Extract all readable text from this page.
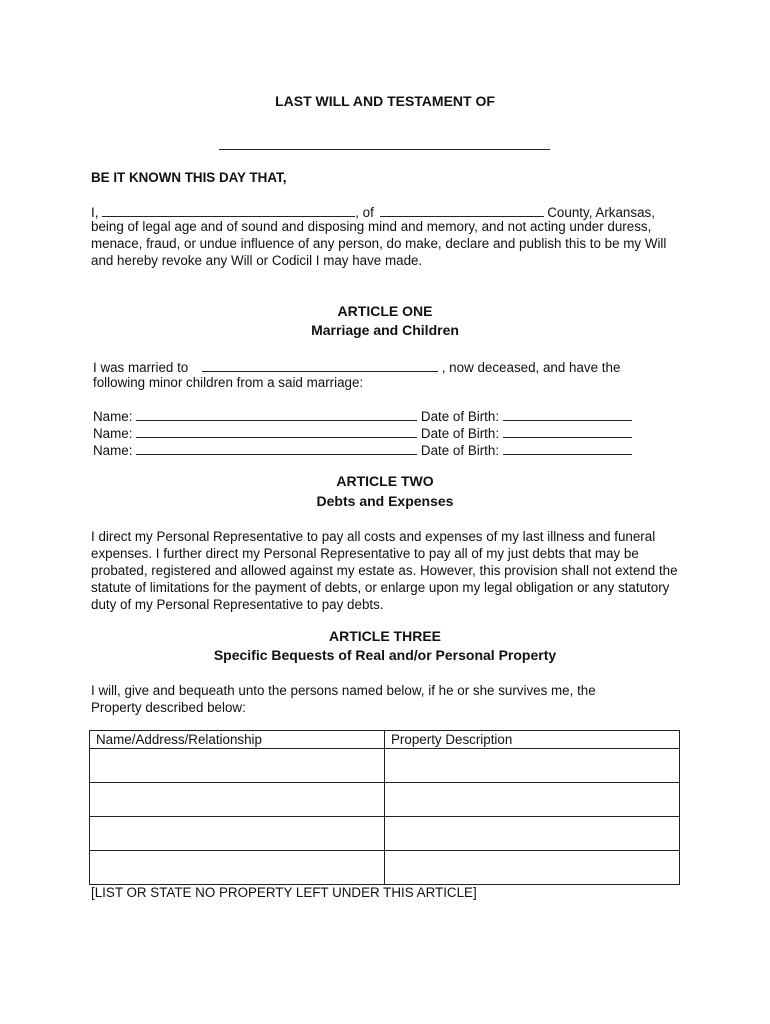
LAST WILL AND TESTAMENT OF
BE IT KNOWN THIS DAY THAT,
I,	, of	County, Arkansas,
being of legal age and of sound and disposing mind and memory, and not acting under duress, menace, fraud, or undue influence of any person, do make, declare and publish this to be my Will and hereby revoke any Will or Codicil I may have made.
ARTICLE ONE
Marriage and Children
I was married to	, now deceased, and have the
following minor children from a said marriage:
Name:	Date of Birth:
Name:	Date of Birth:
Name:	Date of Birth:
ARTICLE TWO
Debts and Expenses
I direct my Personal Representative to pay all costs and expenses of my last illness and funeral expenses. I further direct my Personal Representative to pay all of my just debts that may be probated, registered and allowed against my estate as. However, this provision shall not extend the statute of limitations for the payment of debts, or enlarge upon my legal obligation or any statutory duty of my Personal Representative to pay debts.
ARTICLE THREE
Specific Bequests of Real and/or Personal Property
I will, give and bequeath unto the persons named below, if he or she survives me, the Property described below:
Name/Address/Relationship	Property Description

[LIST OR STATE NO PROPERTY LEFT UNDER THIS ARTICLE]
